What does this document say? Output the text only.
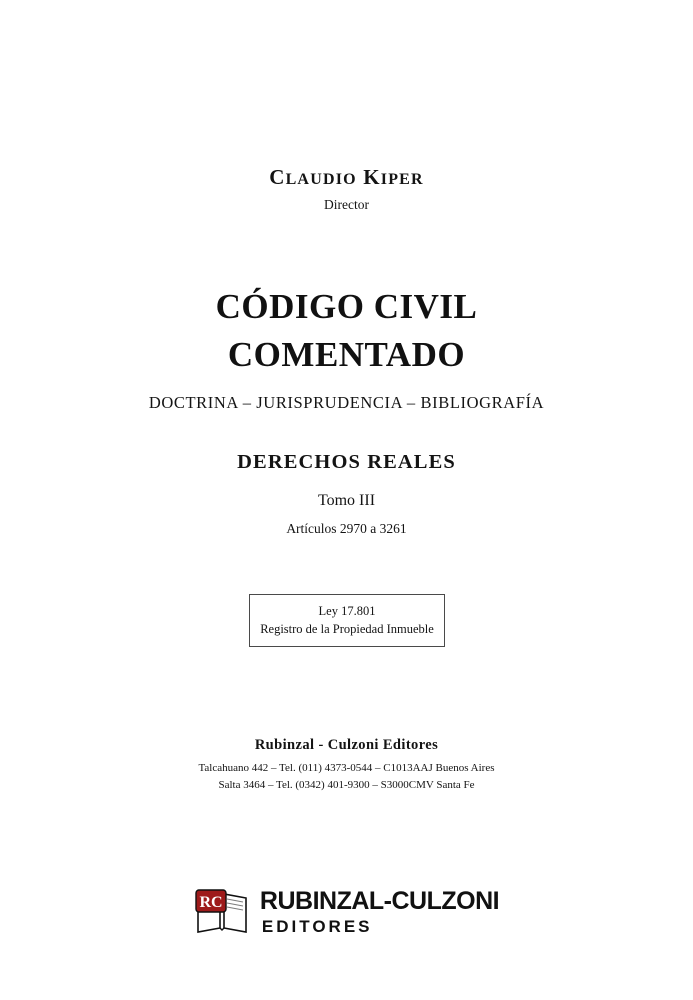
CLAUDIO KIPER
Director
CÓDIGO CIVIL
COMENTADO
DOCTRINA – JURISPRUDENCIA – BIBLIOGRAFÍA
DERECHOS REALES
Tomo III
Artículos 2970 a 3261
Ley 17.801
Registro de la Propiedad Inmueble
Rubinzal - Culzoni Editores
Talcahuano 442 – Tel. (011) 4373-0544 – C1013AAJ Buenos Aires
Salta 3464 – Tel. (0342) 401-9300 – S3000CMV Santa Fe
RC RUBINZAL-CULZONI
EDITORES
